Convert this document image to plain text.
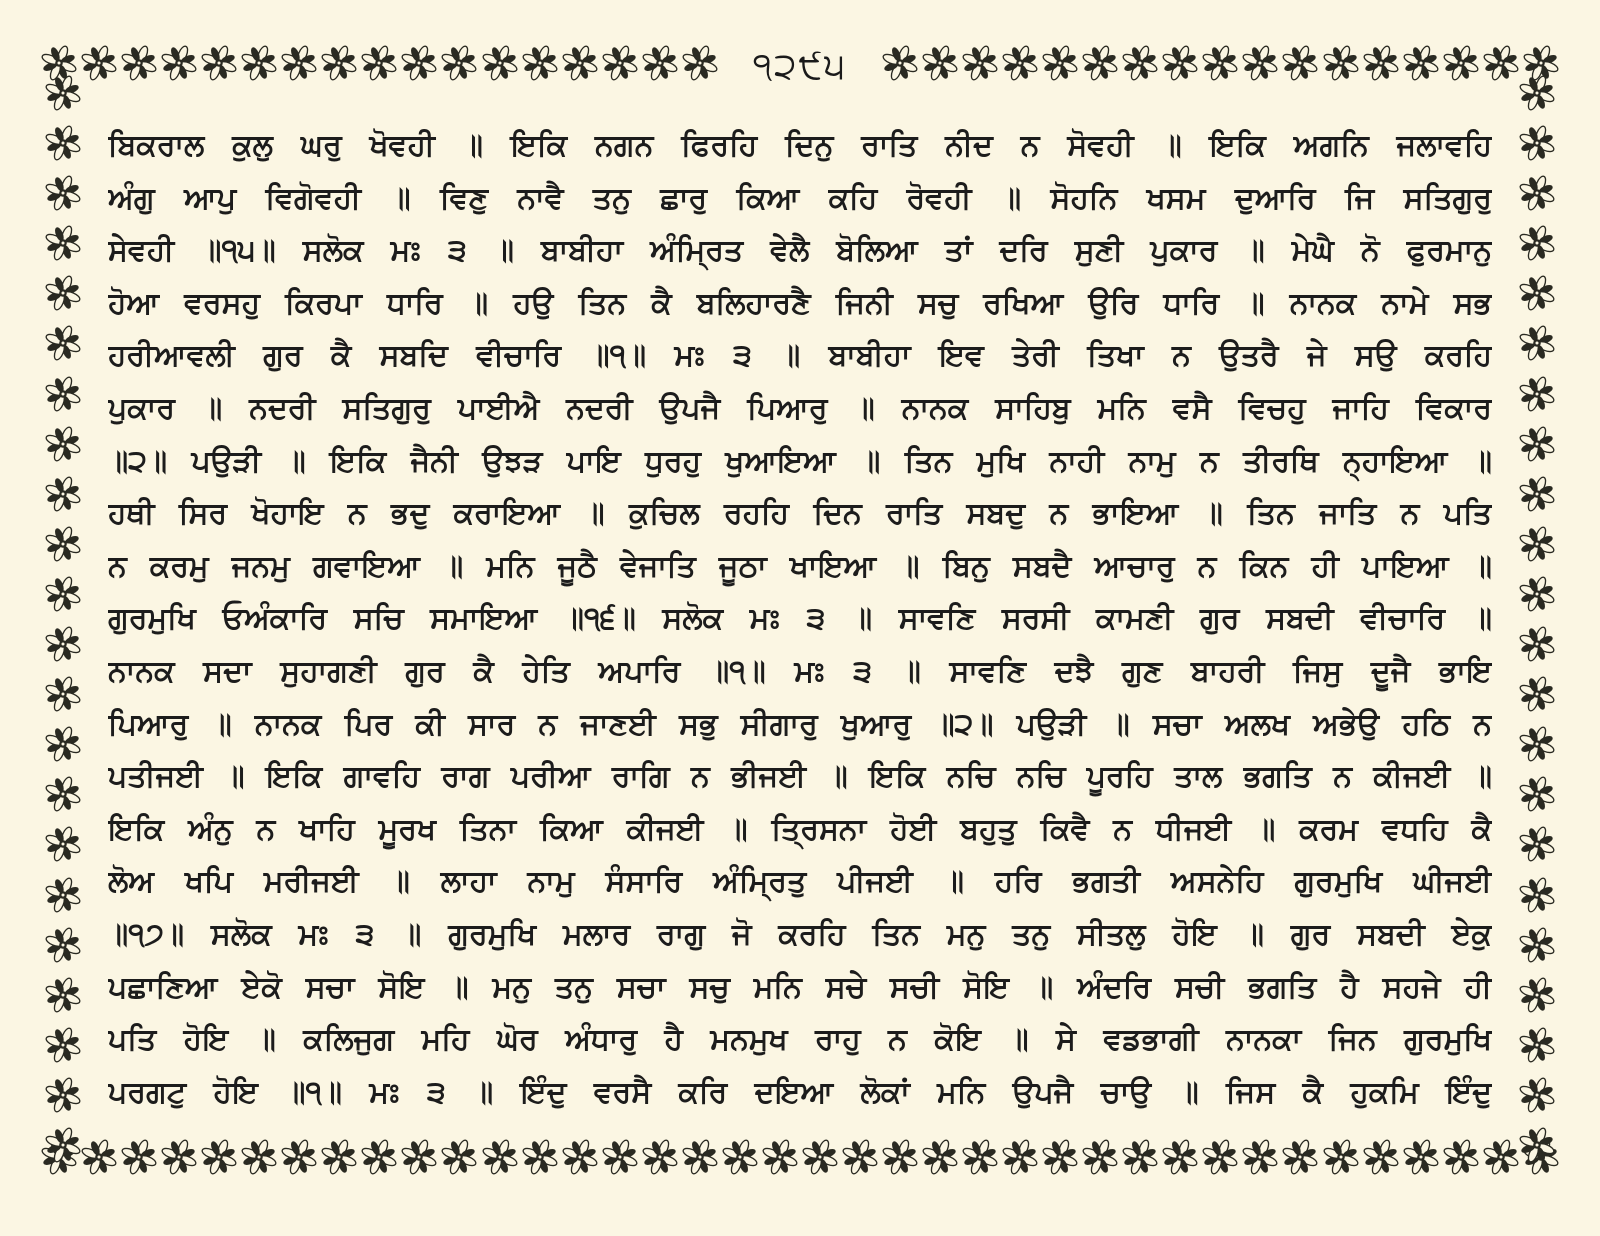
੧੨੯੫
ਬਿਕਰਾਲ ਕੁਲੁ ਘਰੁ ਖੋਵਹੀ ॥ ਇਕਿ ਨਗਨ ਫਿਰਹਿ ਦਿਨੁ ਰਾਤਿ ਨੀਦ ਨ ਸੋਵਹੀ ॥ ਇਕਿ ਅਗਨਿ ਜਲਾਵਹਿ
ਅੰਗੁ ਆਪੁ ਵਿਗੋਵਹੀ ॥ ਵਿਣੁ ਨਾਵੈ ਤਨੁ ਛਾਰੁ ਕਿਆ ਕਹਿ ਰੋਵਹੀ ॥ ਸੋਹਨਿ ਖਸਮ ਦੁਆਰਿ ਜਿ ਸਤਿਗੁਰੁ
ਸੇਵਹੀ ॥੧੫॥ ਸਲੋਕ ਮਃ ੩ ॥ ਬਾਬੀਹਾ ਅੰਮ੍ਰਿਤ ਵੇਲੈ ਬੋਲਿਆ ਤਾਂ ਦਰਿ ਸੁਣੀ ਪੁਕਾਰ ॥ ਮੇਘੈ ਨੋ ਫੁਰਮਾਨੁ
ਹੋਆ ਵਰਸਹੁ ਕਿਰਪਾ ਧਾਰਿ ॥ ਹਉ ਤਿਨ ਕੈ ਬਲਿਹਾਰਣੈ ਜਿਨੀ ਸਚੁ ਰਖਿਆ ਉਰਿ ਧਾਰਿ ॥ ਨਾਨਕ ਨਾਮੇ ਸਭ
ਹਰੀਆਵਲੀ ਗੁਰ ਕੈ ਸਬਦਿ ਵੀਚਾਰਿ ॥੧॥ ਮਃ ੩ ॥ ਬਾਬੀਹਾ ਇਵ ਤੇਰੀ ਤਿਖਾ ਨ ਉਤਰੈ ਜੇ ਸਉ ਕਰਹਿ
ਪੁਕਾਰ ॥ ਨਦਰੀ ਸਤਿਗੁਰੁ ਪਾਈਐ ਨਦਰੀ ਉਪਜੈ ਪਿਆਰੁ ॥ ਨਾਨਕ ਸਾਹਿਬੁ ਮਨਿ ਵਸੈ ਵਿਚਹੁ ਜਾਹਿ ਵਿਕਾਰ
॥੨॥ ਪਉੜੀ ॥ ਇਕਿ ਜੈਨੀ ਉਝੜ ਪਾਇ ਧੁਰਹੁ ਖੁਆਇਆ ॥ ਤਿਨ ਮੁਖਿ ਨਾਹੀ ਨਾਮੁ ਨ ਤੀਰਥਿ ਨ੍ਹਾਇਆ ॥
ਹਥੀ ਸਿਰ ਖੋਹਾਇ ਨ ਭਦੁ ਕਰਾਇਆ ॥ ਕੁਚਿਲ ਰਹਹਿ ਦਿਨ ਰਾਤਿ ਸਬਦੁ ਨ ਭਾਇਆ ॥ ਤਿਨ ਜਾਤਿ ਨ ਪਤਿ
ਨ ਕਰਮੁ ਜਨਮੁ ਗਵਾਇਆ ॥ ਮਨਿ ਜੂਠੈ ਵੇਜਾਤਿ ਜੂਠਾ ਖਾਇਆ ॥ ਬਿਨੁ ਸਬਦੈ ਆਚਾਰੁ ਨ ਕਿਨ ਹੀ ਪਾਇਆ ॥
ਗੁਰਮੁਖਿ ਓਅੰਕਾਰਿ ਸਚਿ ਸਮਾਇਆ ॥੧੬॥ ਸਲੋਕ ਮਃ ੩ ॥ ਸਾਵਣਿ ਸਰਸੀ ਕਾਮਣੀ ਗੁਰ ਸਬਦੀ ਵੀਚਾਰਿ ॥
ਨਾਨਕ ਸਦਾ ਸੁਹਾਗਣੀ ਗੁਰ ਕੈ ਹੇਤਿ ਅਪਾਰਿ ॥੧॥ ਮਃ ੩ ॥ ਸਾਵਣਿ ਦਝੈ ਗੁਣ ਬਾਹਰੀ ਜਿਸੁ ਦੂਜੈ ਭਾਇ
ਪਿਆਰੁ ॥ ਨਾਨਕ ਪਿਰ ਕੀ ਸਾਰ ਨ ਜਾਣਈ ਸਭੁ ਸੀਗਾਰੁ ਖੁਆਰੁ ॥੨॥ ਪਉੜੀ ॥ ਸਚਾ ਅਲਖ ਅਭੇਉ ਹਠਿ ਨ
ਪਤੀਜਈ ॥ ਇਕਿ ਗਾਵਹਿ ਰਾਗ ਪਰੀਆ ਰਾਗਿ ਨ ਭੀਜਈ ॥ ਇਕਿ ਨਚਿ ਨਚਿ ਪੂਰਹਿ ਤਾਲ ਭਗਤਿ ਨ ਕੀਜਈ ॥
ਇਕਿ ਅੰਨੁ ਨ ਖਾਹਿ ਮੂਰਖ ਤਿਨਾ ਕਿਆ ਕੀਜਈ ॥ ਤ੍ਰਿਸਨਾ ਹੋਈ ਬਹੁਤੁ ਕਿਵੈ ਨ ਧੀਜਈ ॥ ਕਰਮ ਵਧਹਿ ਕੈ
ਲੋਅ ਖਪਿ ਮਰੀਜਈ ॥ ਲਾਹਾ ਨਾਮੁ ਸੰਸਾਰਿ ਅੰਮ੍ਰਿਤੁ ਪੀਜਈ ॥ ਹਰਿ ਭਗਤੀ ਅਸਨੇਹਿ ਗੁਰਮੁਖਿ ਘੀਜਈ
॥੧੭॥ ਸਲੋਕ ਮਃ ੩ ॥ ਗੁਰਮੁਖਿ ਮਲਾਰ ਰਾਗੁ ਜੋ ਕਰਹਿ ਤਿਨ ਮਨੁ ਤਨੁ ਸੀਤਲੁ ਹੋਇ ॥ ਗੁਰ ਸਬਦੀ ਏਕੁ
ਪਛਾਣਿਆ ਏਕੋ ਸਚਾ ਸੋਇ ॥ ਮਨੁ ਤਨੁ ਸਚਾ ਸਚੁ ਮਨਿ ਸਚੇ ਸਚੀ ਸੋਇ ॥ ਅੰਦਰਿ ਸਚੀ ਭਗਤਿ ਹੈ ਸਹਜੇ ਹੀ
ਪਤਿ ਹੋਇ ॥ ਕਲਿਜੁਗ ਮਹਿ ਘੋਰ ਅੰਧਾਰੁ ਹੈ ਮਨਮੁਖ ਰਾਹੁ ਨ ਕੋਇ ॥ ਸੇ ਵਡਭਾਗੀ ਨਾਨਕਾ ਜਿਨ ਗੁਰਮੁਖਿ
ਪਰਗਟੁ ਹੋਇ ॥੧॥ ਮਃ ੩ ॥ ਇੰਦੁ ਵਰਸੈ ਕਰਿ ਦਇਆ ਲੋਕਾਂ ਮਨਿ ਉਪਜੈ ਚਾਉ ॥ ਜਿਸ ਕੈ ਹੁਕਮਿ ਇੰਦੁ
